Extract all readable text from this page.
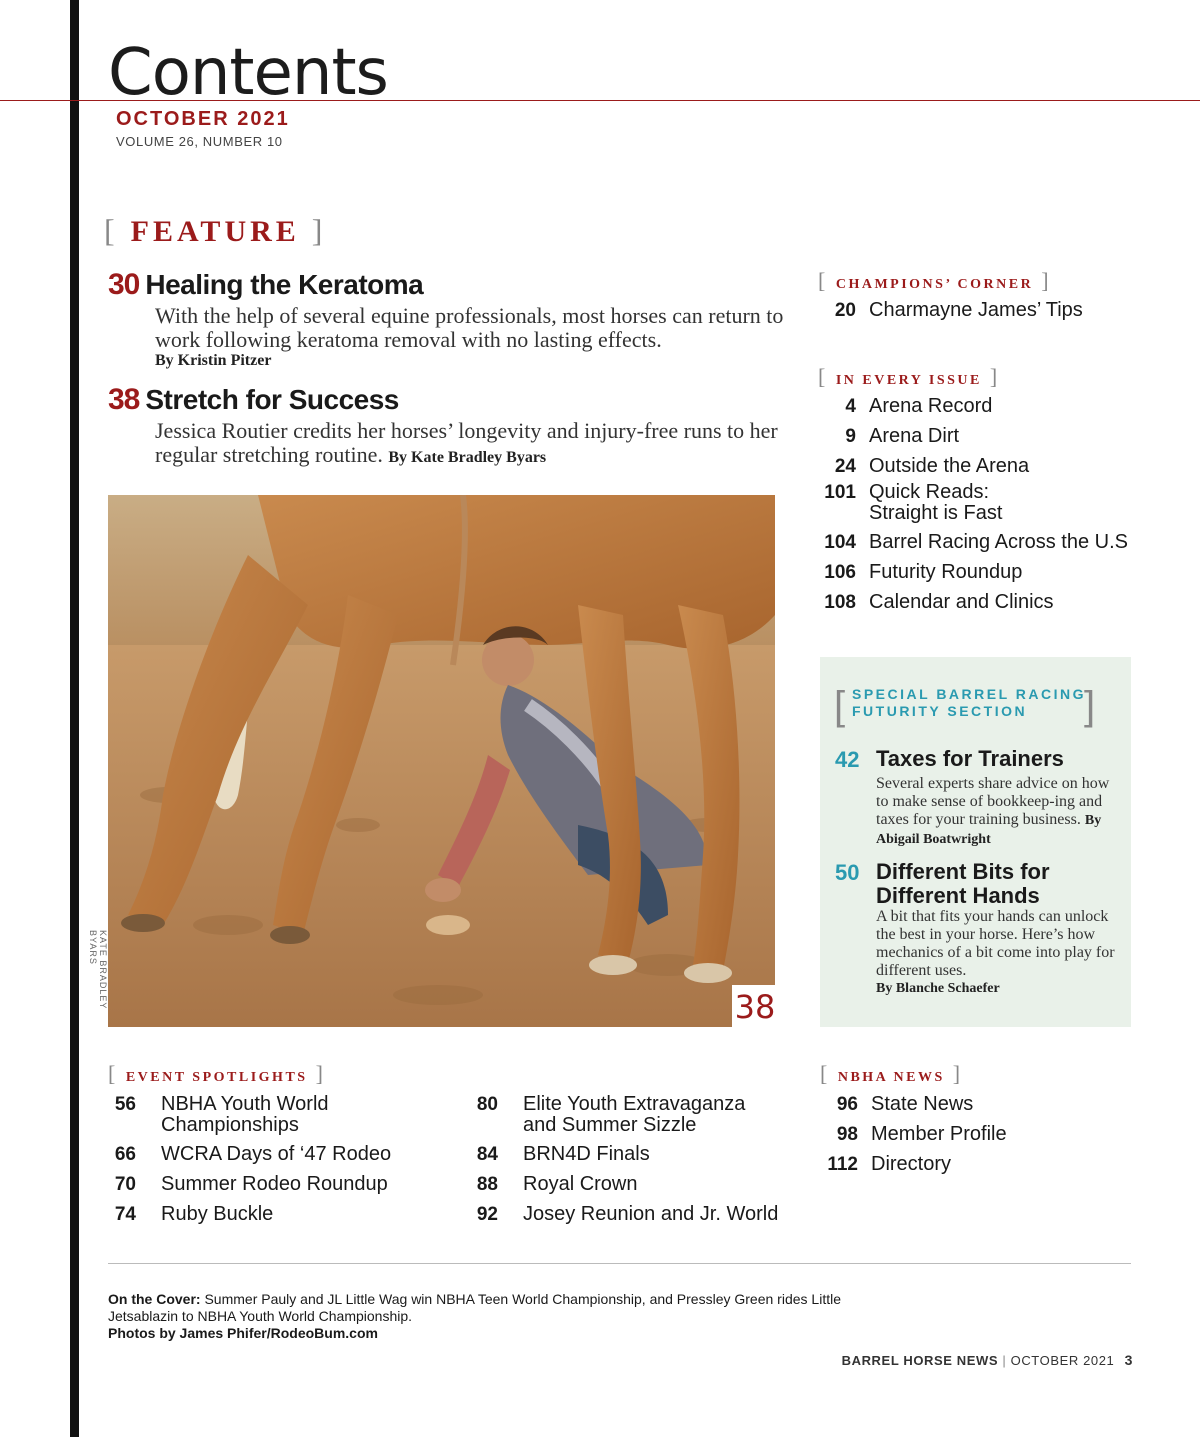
Contents
OCTOBER 2021
VOLUME 26, NUMBER 10
[ FEATURE ]
30 Healing the Keratoma
With the help of several equine professionals, most horses can return to work following keratoma removal with no lasting effects.
By Kristin Pitzer
38 Stretch for Success
Jessica Routier credits her horses’ longevity and injury-free runs to her regular stretching routine. By Kate Bradley Byars
KATE BRADLEY BYARS
38
[ CHAMPIONS’ CORNER ]
20 Charmayne James’ Tips
[ IN EVERY ISSUE ]
4 Arena Record
9 Arena Dirt
24 Outside the Arena
101 Quick Reads:
Straight is Fast
104 Barrel Racing Across the U.S
106 Futurity Roundup
108 Calendar and Clinics
[ SPECIAL BARREL RACING
FUTURITY SECTION	]
42 Taxes for Trainers
Several experts share advice on how to make sense of bookkeep-ing and taxes for your training business. By Abigail Boatwright
50 Different Bits for Different Hands
A bit that fits your hands can unlock the best in your horse. Here’s how mechanics of a bit come into play for different uses.
By Blanche Schaefer
[ EVENT SPOTLIGHTS ]
56 NBHA Youth World
Championships
66 WCRA Days of ‘47 Rodeo
70 Summer Rodeo Roundup
74 Ruby Buckle
80 Elite Youth Extravaganza
and Summer Sizzle
84 BRN4D Finals
88 Royal Crown
92 Josey Reunion and Jr. World
[ NBHA NEWS ]
96 State News
98 Member Profile
112 Directory
On the Cover: Summer Pauly and JL Little Wag win NBHA Teen World Championship, and Pressley Green rides Little Jetsablazin to NBHA Youth World Championship.
Photos by James Phifer/RodeoBum.com
BARREL HORSE NEWS | OCTOBER 2021 3
